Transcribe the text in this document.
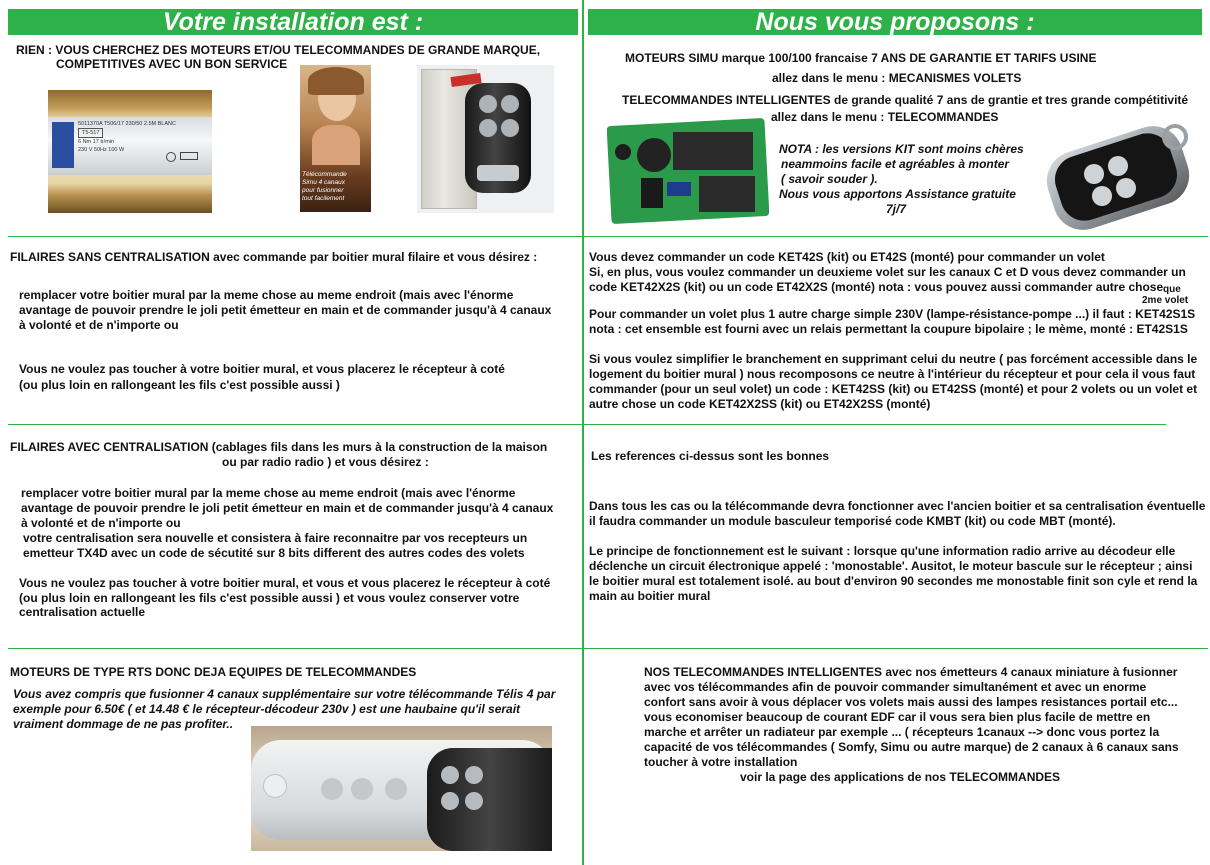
Votre installation est :	Nous vous proposons :
RIEN : VOUS CHERCHEZ DES MOTEURS ET/OU TELECOMMANDES DE GRANDE MARQUE,
COMPETITIVES AVEC UN BON SERVICE
5011370A T506/17 230/50 2.5M BLANC
T5-517
6 Nm 17 tr/min
230 V 50Hz 100 W
Télécommande
Simu 4 canaux
pour fusionner
tout facilement
MOTEURS SIMU marque 100/100 francaise 7 ANS DE GARANTIE ET TARIFS USINE
allez dans le menu : MECANISMES VOLETS
TELECOMMANDES INTELLIGENTES de grande qualité 7 ans de grantie et tres grande compétitivité
allez dans le menu : TELECOMMANDES
NOTA : les versions KIT sont moins chères
neammoins facile et agréables à monter
( savoir souder ).
Nous vous apportons Assistance gratuite
7j/7
FILAIRES SANS CENTRALISATION avec commande par boitier mural filaire et vous désirez :
remplacer votre boitier mural par la meme chose au meme endroit (mais avec l'énorme
avantage de pouvoir prendre le joli petit émetteur en main et de commander jusqu'à 4 canaux
à volonté et de n'importe ou
Vous ne voulez pas toucher à votre boitier mural, et vous placerez le récepteur à coté
(ou plus loin en rallongeant les fils c'est possible aussi )
Vous devez commander un code KET42S (kit) ou ET42S (monté) pour commander un volet
Si, en plus, vous voulez commander un deuxieme volet sur les canaux C et D vous devez commander un
code KET42X2S (kit) ou un code ET42X2S (monté) nota : vous pouvez aussi commander autre chose que
2me volet
Pour commander un volet plus 1 autre charge simple 230V (lampe-résistance-pompe ...) il faut : KET42S1S
nota : cet ensemble est fourni avec un relais permettant la coupure bipolaire ; le mème, monté : ET42S1S
Si vous voulez simplifier le branchement en supprimant celui du neutre ( pas forcément accessible dans le
logement du boitier mural ) nous recomposons ce neutre à l'intérieur du récepteur et pour cela il vous faut
commander (pour un seul volet) un code : KET42SS (kit) ou ET42SS (monté) et pour 2 volets ou un volet et
autre chose un code KET42X2SS (kit) ou ET42X2SS (monté)
FILAIRES AVEC CENTRALISATION (cablages fils dans les murs à la construction de la maison
ou par radio radio ) et vous désirez :
remplacer votre boitier mural par la meme chose au meme endroit (mais avec l'énorme
avantage de pouvoir prendre le joli petit émetteur en main et de commander jusqu'à 4 canaux
à volonté et de n'importe ou
votre centralisation sera nouvelle et consistera à faire reconnaitre par vos recepteurs un
emetteur TX4D avec un code de sécutité sur 8 bits different des autres codes des volets
Vous ne voulez pas toucher à votre boitier mural, et vous et vous placerez le récepteur à coté
(ou plus loin en rallongeant les fils c'est possible aussi ) et vous voulez conserver votre
centralisation actuelle
Les references ci-dessus sont les bonnes
Dans tous les cas ou la télécommande devra fonctionner avec l'ancien boitier et sa centralisation éventuelle
il faudra commander un module basculeur temporisé code KMBT (kit) ou code MBT (monté).
Le principe de fonctionnement est le suivant : lorsque qu'une information radio arrive au décodeur elle
déclenche un circuit électronique appelé : 'monostable'. Ausitot, le moteur bascule sur le récepteur ; ainsi
le boitier mural est totalement isolé. au bout d'environ 90 secondes me monostable finit son cyle et rend la
main au boitier mural
MOTEURS DE TYPE RTS DONC DEJA EQUIPES DE TELECOMMANDES
Vous avez compris que fusionner 4 canaux supplémentaire sur votre télécommande Télis 4 par
exemple pour 6.50€ ( et 14.48 € le récepteur-décodeur 230v ) est une haubaine qu'il serait
vraiment dommage de ne pas profiter..
NOS TELECOMMANDES INTELLIGENTES avec nos émetteurs 4 canaux miniature à fusionner
avec vos télécommandes afin de pouvoir commander simultanément et avec un enorme
confort sans avoir à vous déplacer vos volets mais aussi des lampes resistances portail etc...
vous economiser beaucoup de courant EDF car il vous sera bien plus facile de mettre en
marche et arrêter un radiateur par exemple ... ( récepteurs 1canaux --> donc vous portez la
capacité de vos télécommandes ( Somfy, Simu ou autre marque) de 2 canaux à 6 canaux sans
toucher à votre installation
voir la page des applications de nos TELECOMMANDES
